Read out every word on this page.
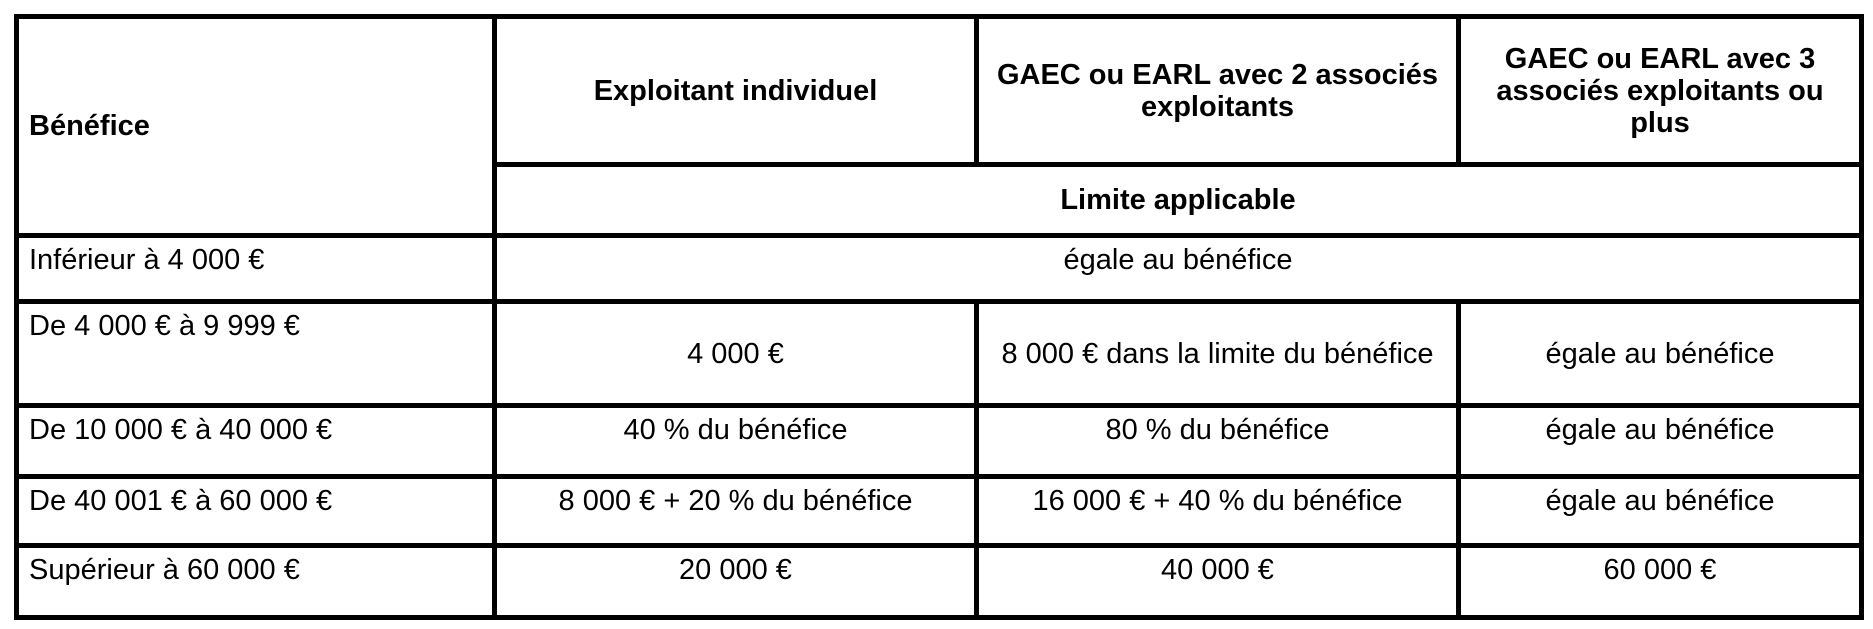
Bénéfice	Exploitant individuel	GAEC ou EARL avec 2 associés exploitants	GAEC ou EARL avec 3 associés exploitants ou plus
	Limite applicable		
Inférieur à 4 000 €	égale au bénéfice		
De 4 000 € à 9 999 €	4 000 €	8 000 € dans la limite du bénéfice	égale au bénéfice
De 10 000 € à 40 000 €	40 % du bénéfice	80 % du bénéfice	égale au bénéfice
De 40 001 € à 60 000 €	8 000 € + 20 % du bénéfice	16 000 € + 40 % du bénéfice	égale au bénéfice
Supérieur à 60 000 €	20 000 €	40 000 €	60 000 €
